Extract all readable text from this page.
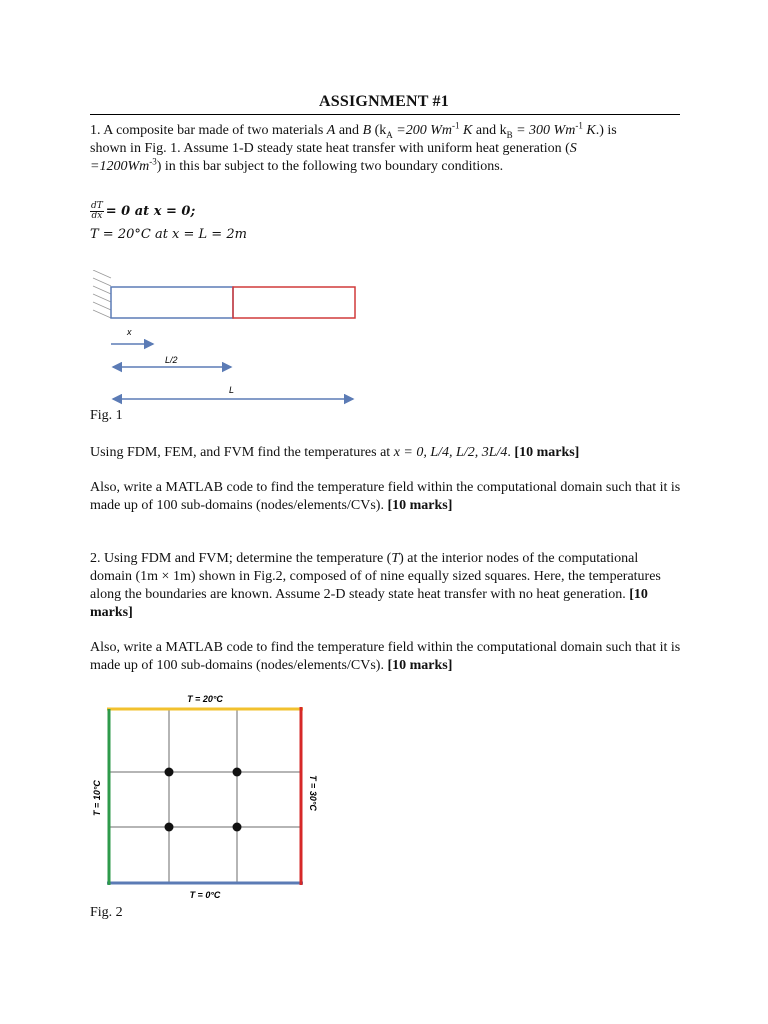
ASSIGNMENT #1
1. A composite bar made of two materials A and B ($k_A =200$ $Wm^{-1}$ K and $k_B = 300$ $Wm^{-1}$ K.) is
shown in Fig. 1. Assume 1-D steady state heat transfer with uniform heat generation (S
$=1200Wm^{-3}$) in this bar subject to the following two boundary conditions.
$\frac{dT}{dx} = 0$ at x = 0;
T = 20°C at x = L = 2m
x
L/2
L
Fig. 1
Using FDM, FEM, and FVM find the temperatures at x = 0, L/4, L/2, 3L/4. [10 marks]
Also, write a MATLAB code to find the temperature field within the computational domain such that it is made up of 100 sub-domains (nodes/elements/CVs). [10 marks]
2. Using FDM and FVM; determine the temperature (T) at the interior nodes of the computational domain (1m × 1m) shown in Fig.2, composed of of nine equally sized squares. Here, the temperatures along the boundaries are known. Assume 2-D steady state heat transfer with no heat generation. [10 marks]
Also, write a MATLAB code to find the temperature field within the computational domain such that it is made up of 100 sub-domains (nodes/elements/CVs). [10 marks]
T = 20°C
T = 0°C
T = 10°C	T = 30°C
Fig. 2
